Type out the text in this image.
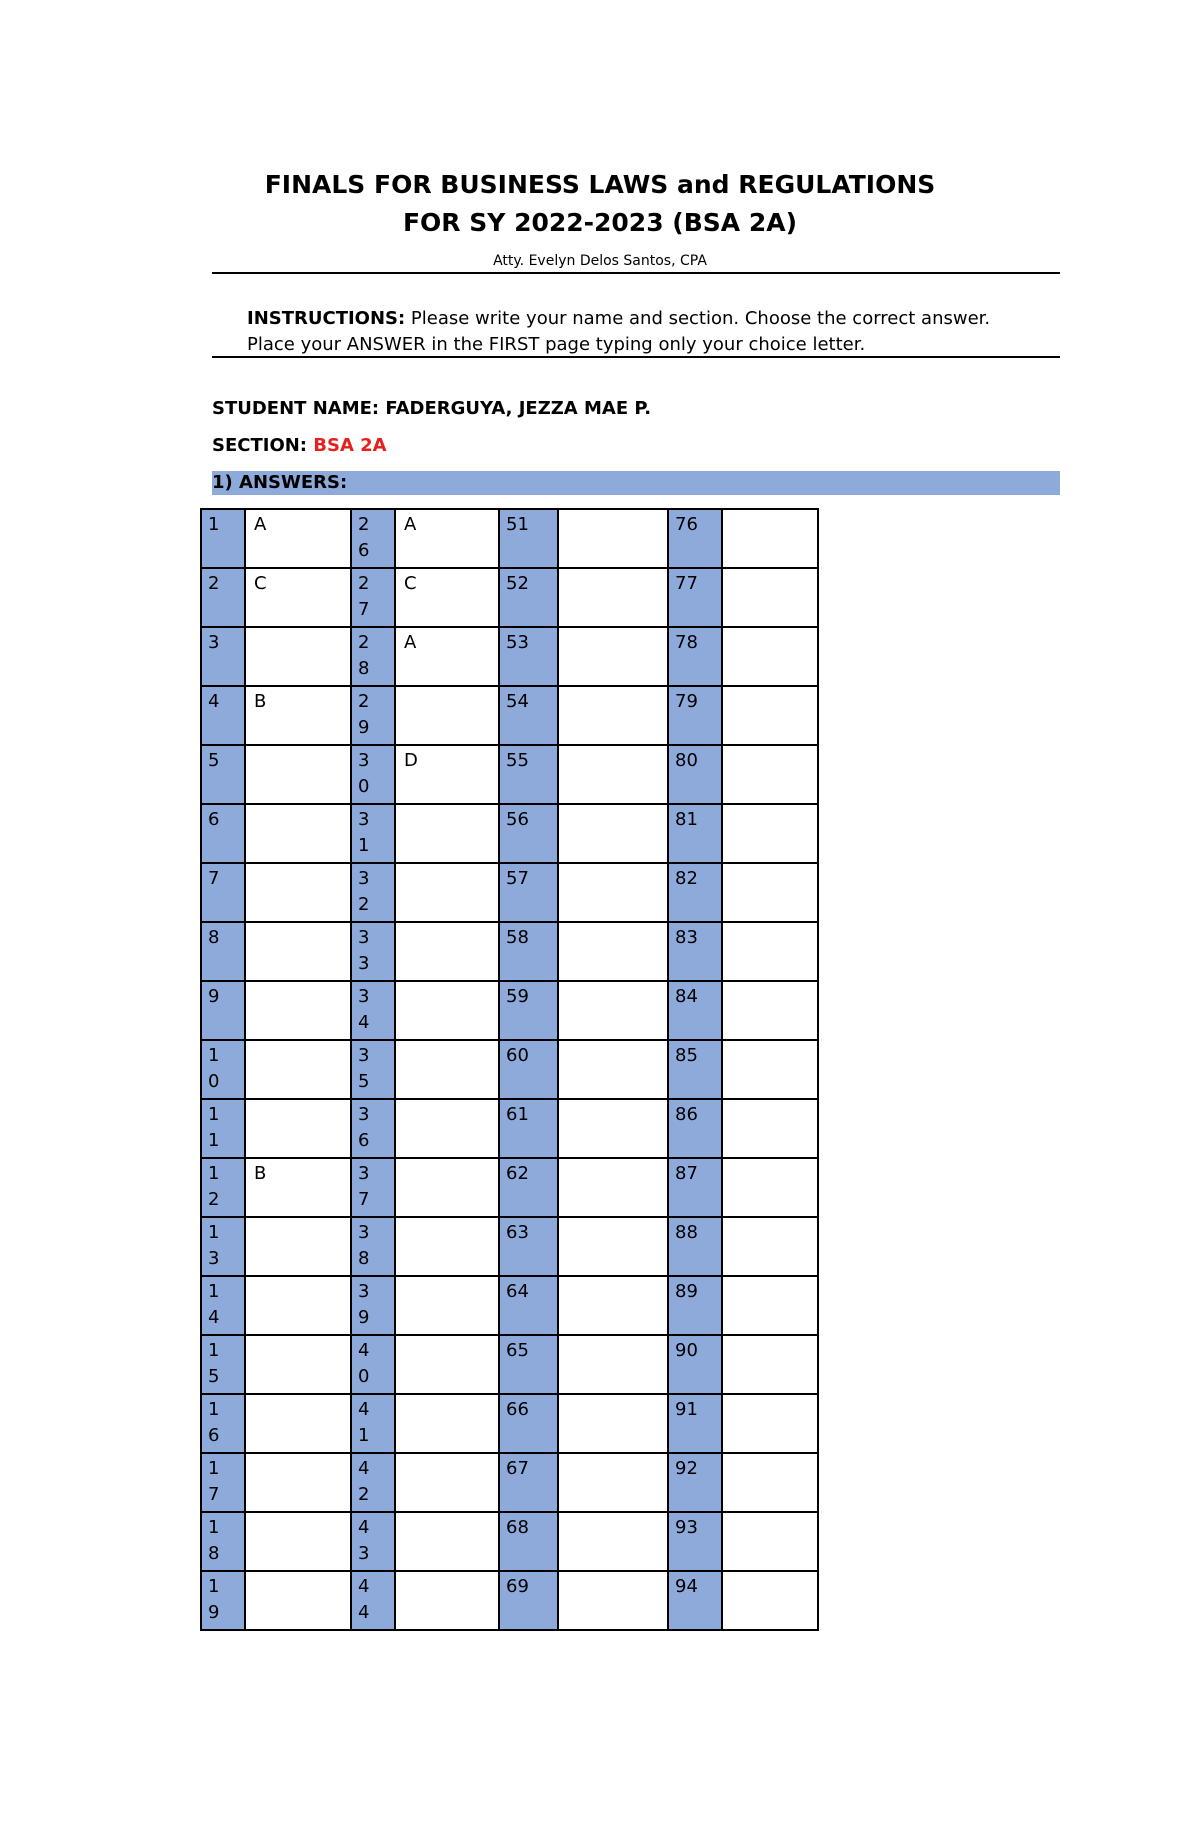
FINALS FOR BUSINESS LAWS and REGULATIONS
FOR SY 2022-2023 (BSA 2A)
Atty. Evelyn Delos Santos, CPA
INSTRUCTIONS: Please write your name and section. Choose the correct answer. Place your ANSWER in the FIRST page typing only your choice letter.
STUDENT NAME: FADERGUYA, JEZZA MAE P.
SECTION: BSA 2A
1) ANSWERS:
1	A	26	A	51		76	

2	C	27	C	52		77	

3		28	A	53		78	

4	B	29		54		79	

5		30	D	55		80	

6		31		56		81	

7		32		57		82	

8		33		58		83	

9		34		59		84	

10		35		60		85	

11		36		61		86	

12	B	37		62		87	

13		38		63		88	

14		39		64		89	

15		40		65		90	

16		41		66		91	

17		42		67		92	

18		43		68		93	

19		44		69		94	
